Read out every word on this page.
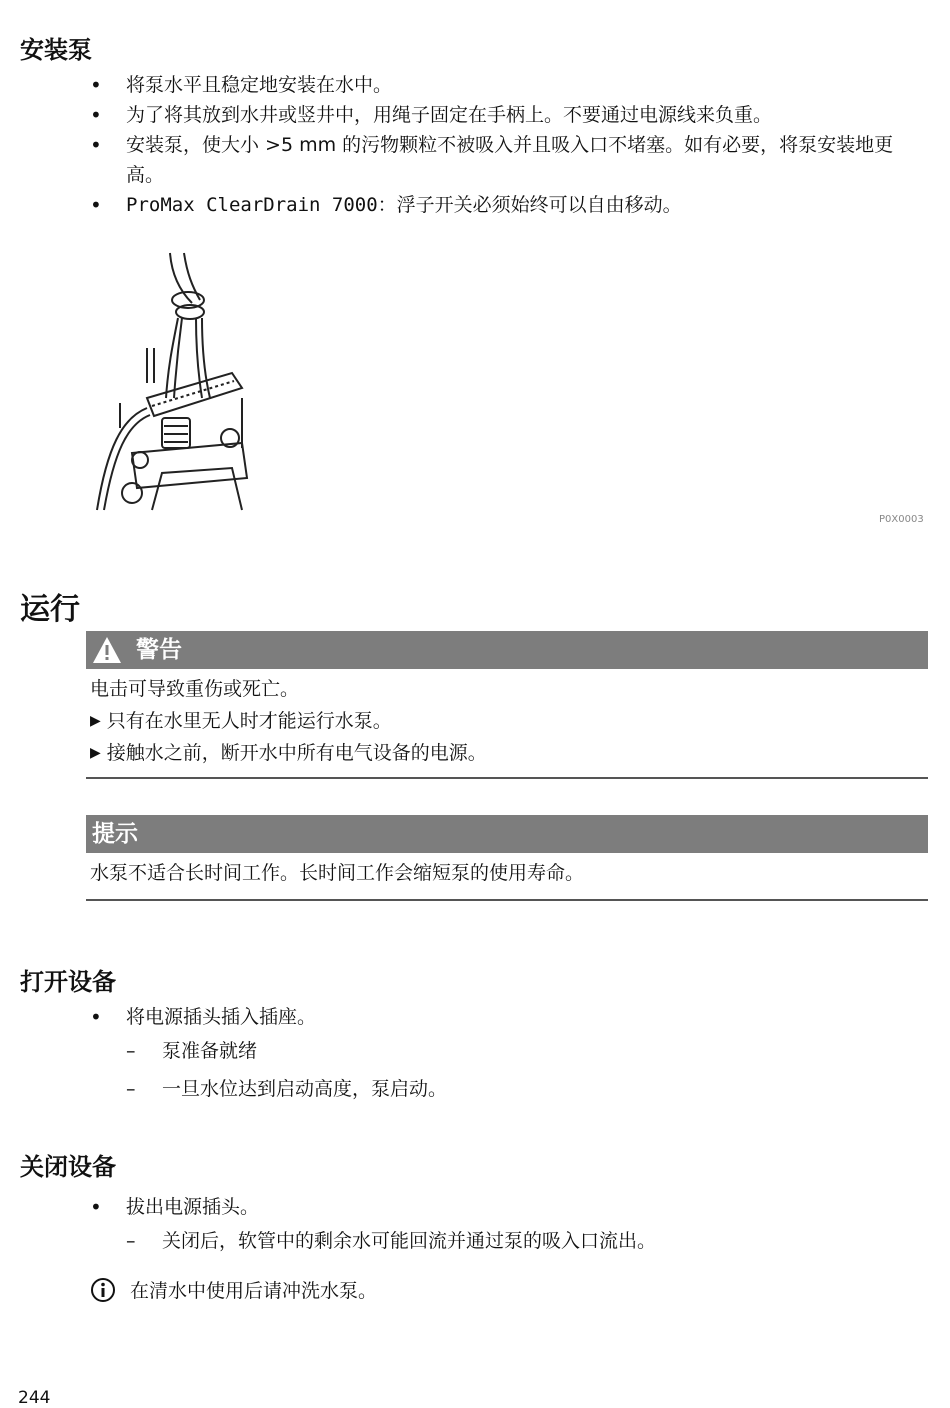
安装泵
• 将泵水平且稳定地安装在水中。
• 为了将其放到水井或竖井中，用绳子固定在手柄上。不要通过电源线来负重。
• 安装泵，使大小 >5 mm 的污物颗粒不被吸入并且吸入口不堵塞。如有必要，将泵安装地更高。
• ProMax ClearDrain 7000：浮子开关必须始终可以自由移动。
P0X0003
运行
警告
电击可导致重伤或死亡。
▶ 只有在水里无人时才能运行水泵。
▶ 接触水之前，断开水中所有电气设备的电源。
提示
水泵不适合长时间工作。长时间工作会缩短泵的使用寿命。
打开设备
• 将电源插头插入插座。
– 泵准备就绪
– 一旦水位达到启动高度，泵启动。
关闭设备
• 拔出电源插头。
– 关闭后，软管中的剩余水可能回流并通过泵的吸入口流出。
在清水中使用后请冲洗水泵。
244
